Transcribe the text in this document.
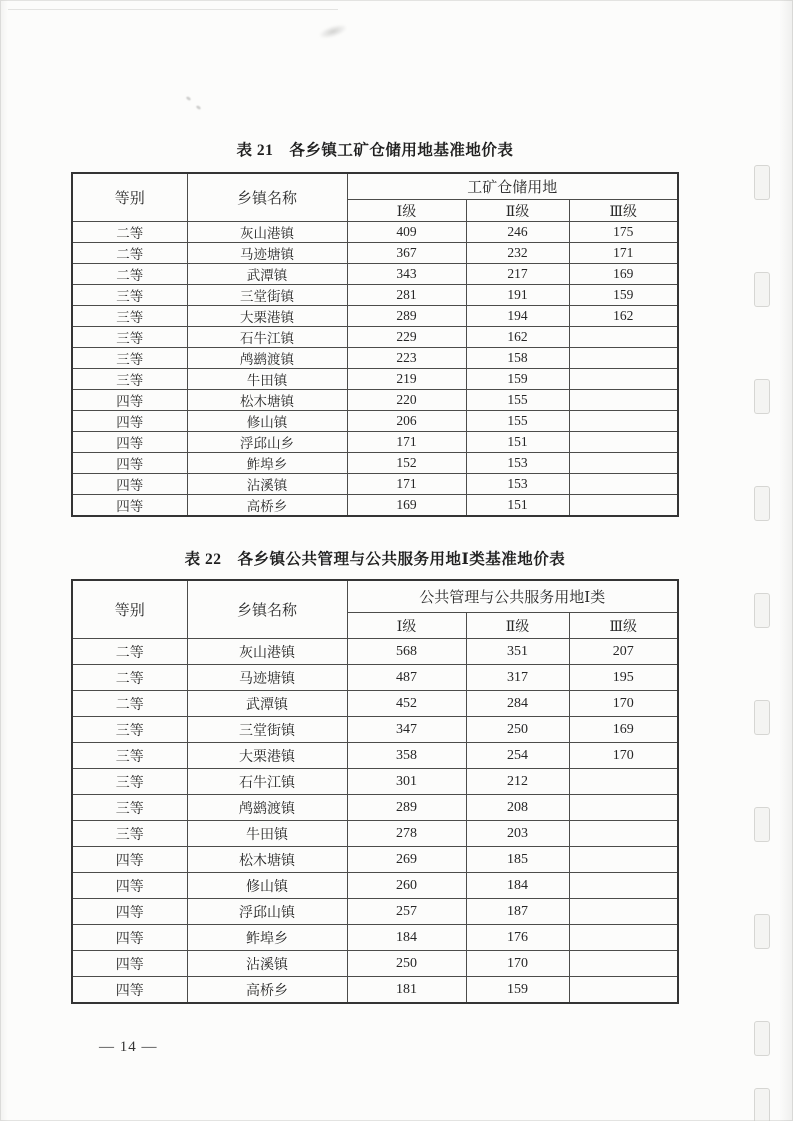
表 21　各乡镇工矿仓储用地基准地价表
等别	乡镇名称	工矿仓储用地		
		Ⅰ级	Ⅱ级	Ⅲ级
二等	灰山港镇	409	246	175
二等	马迹塘镇	367	232	171
二等	武潭镇	343	217	169
三等	三堂街镇	281	191	159
三等	大栗港镇	289	194	162
三等	石牛江镇	229	162	
三等	鸬鹚渡镇	223	158	
三等	牛田镇	219	159	
四等	松木塘镇	220	155	
四等	修山镇	206	155	
四等	浮邱山乡	171	151	
四等	鲊埠乡	152	153	
四等	沾溪镇	171	153	
四等	高桥乡	169	151	
表 22　各乡镇公共管理与公共服务用地Ⅰ类基准地价表
等别	乡镇名称	公共管理与公共服务用地Ⅰ类		
		Ⅰ级	Ⅱ级	Ⅲ级
二等	灰山港镇	568	351	207
二等	马迹塘镇	487	317	195
二等	武潭镇	452	284	170
三等	三堂街镇	347	250	169
三等	大栗港镇	358	254	170
三等	石牛江镇	301	212	
三等	鸬鹚渡镇	289	208	
三等	牛田镇	278	203	
四等	松木塘镇	269	185	
四等	修山镇	260	184	
四等	浮邱山镇	257	187	
四等	鲊埠乡	184	176	
四等	沾溪镇	250	170	
四等	高桥乡	181	159	
— 14 —
